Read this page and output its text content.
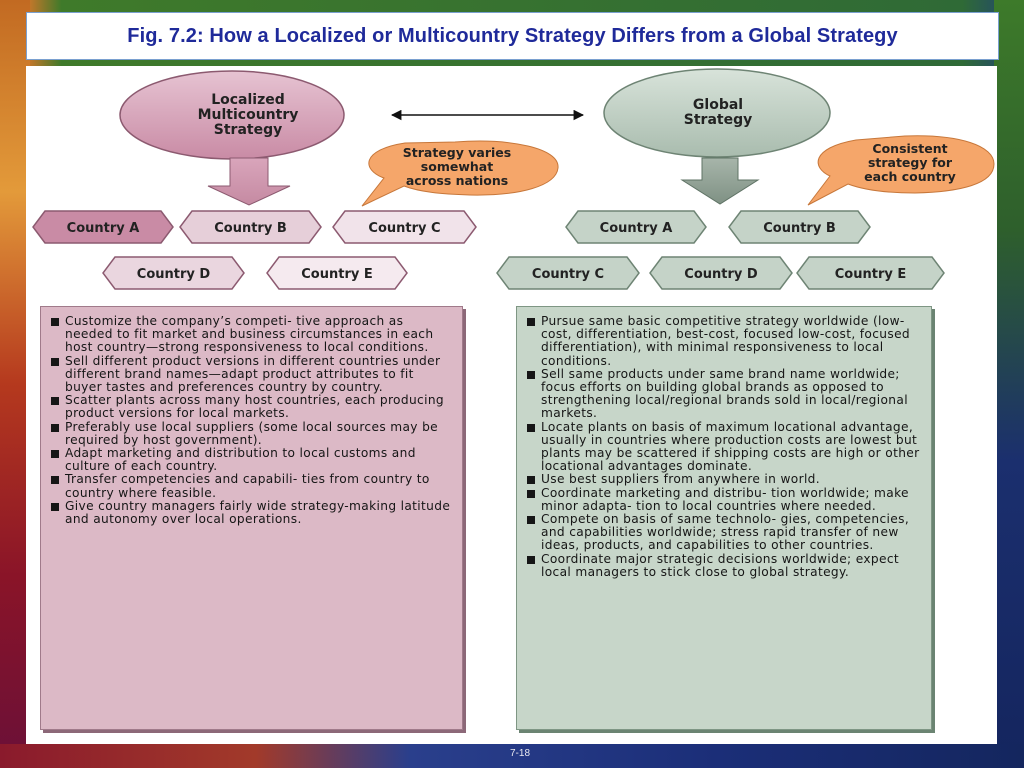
Fig. 7.2: How a Localized or Multicountry Strategy Differs from a Global Strategy
Localized
Multicountry
Strategy
Global
Strategy
Strategy varies
somewhat
across nations
Consistent
strategy for
each country
Country A	Country B	Country C
Country D	Country E
Country A	Country B
Country C	Country D	Country E
Customize the company’s competi- tive approach as needed to fit market and business circumstances in each host country—strong responsiveness to local conditions.
Sell different product versions in different countries under different brand names—adapt product attributes to fit buyer tastes and preferences country by country.
Scatter plants across many host countries, each producing product versions for local markets.
Preferably use local suppliers (some local sources may be required by host government).
Adapt marketing and distribution to local customs and culture of each country.
Transfer competencies and capabili- ties from country to country where feasible.
Give country managers fairly wide strategy-making latitude and autonomy over local operations.
Pursue same basic competitive strategy worldwide (low-cost, differentiation, best-cost, focused low-cost, focused differentiation), with minimal responsiveness to local conditions.
Sell same products under same brand name worldwide; focus efforts on building global brands as opposed to strengthening local/regional brands sold in local/regional markets.
Locate plants on basis of maximum locational advantage, usually in countries where production costs are lowest but plants may be scattered if shipping costs are high or other locational advantages dominate.
Use best suppliers from anywhere in world.
Coordinate marketing and distribu- tion worldwide; make minor adapta- tion to local countries where needed.
Compete on basis of same technolo- gies, competencies, and capabilities worldwide; stress rapid transfer of new ideas, products, and capabilities to other countries.
Coordinate major strategic decisions worldwide; expect local managers to stick close to global strategy.
7-18
